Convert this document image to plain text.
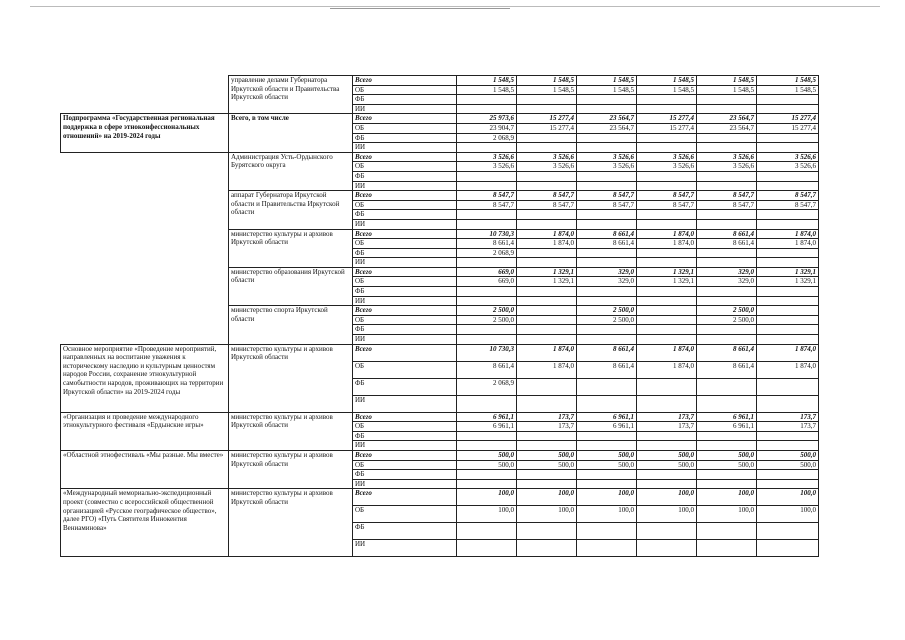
	управление делами Губернатора Иркутской области и Правительства Иркутской области	Всего	1 548,5	1 548,5	1 548,5	1 548,5	1 548,5	1 548,5
		ОБ	1 548,5	1 548,5	1 548,5	1 548,5	1 548,5	1 548,5
		ФБ						
		ИИ						
Подпрограмма «Государственная региональная поддержка в сфере этноконфессиональных отношений» на 2019-2024 годы	Всего, в том числе	Всего	25 973,6	15 277,4	23 564,7	15 277,4	23 564,7	15 277,4
		ОБ	23 904,7	15 277,4	23 564,7	15 277,4	23 564,7	15 277,4
		ФБ	2 068,9					
		ИИ						
	Администрация Усть-Ордынского Бурятского округа	Всего	3 526,6	3 526,6	3 526,6	3 526,6	3 526,6	3 526,6
		ОБ	3 526,6	3 526,6	3 526,6	3 526,6	3 526,6	3 526,6
		ФБ						
		ИИ						
	аппарат Губернатора Иркутской области и Правительства Иркутской области	Всего	8 547,7	8 547,7	8 547,7	8 547,7	8 547,7	8 547,7
		ОБ	8 547,7	8 547,7	8 547,7	8 547,7	8 547,7	8 547,7
		ФБ						
		ИИ						
	министерство культуры и архивов Иркутской области	Всего	10 730,3	1 874,0	8 661,4	1 874,0	8 661,4	1 874,0
		ОБ	8 661,4	1 874,0	8 661,4	1 874,0	8 661,4	1 874,0
		ФБ	2 068,9					
		ИИ						
	министерство образования Иркутской области	Всего	669,0	1 329,1	329,0	1 329,1	329,0	1 329,1
		ОБ	669,0	1 329,1	329,0	1 329,1	329,0	1 329,1
		ФБ						
		ИИ						
	министерство спорта Иркутской области	Всего	2 500,0		2 500,0		2 500,0	
		ОБ	2 500,0		2 500,0		2 500,0	
		ФБ						
		ИИ						
Основное мероприятие «Проведение мероприятий, направленных на воспитание уважения к историческому наследию и культурным ценностям народов России, сохранение этнокультурной самобытности народов, проживающих на территории Иркутской области» на 2019-2024 годы	министерство культуры и архивов Иркутской области	Всего	10 730,3	1 874,0	8 661,4	1 874,0	8 661,4	1 874,0
		ОБ	8 661,4	1 874,0	8 661,4	1 874,0	8 661,4	1 874,0
		ФБ	2 068,9					
		ИИ						
«Организация и проведение международного этнокультурного фестиваля «Ердынские игры»	министерство культуры и архивов Иркутской области	Всего	6 961,1	173,7	6 961,1	173,7	6 961,1	173,7
		ОБ	6 961,1	173,7	6 961,1	173,7	6 961,1	173,7
		ФБ						
		ИИ						
«Областной этнофестиваль «Мы разные. Мы вместе»	министерство культуры и архивов Иркутской области	Всего	500,0	500,0	500,0	500,0	500,0	500,0
		ОБ	500,0	500,0	500,0	500,0	500,0	500,0
		ФБ						
		ИИ						
«Международный мемориально-экспедиционный проект (совместно с всероссийской общественной организацией «Русское географическое общество», далее РГО) «Путь Святителя Иннокентия Вениаминова»	министерство культуры и архивов Иркутской области	Всего	100,0	100,0	100,0	100,0	100,0	100,0
		ОБ	100,0	100,0	100,0	100,0	100,0	100,0
		ФБ						
		ИИ						
